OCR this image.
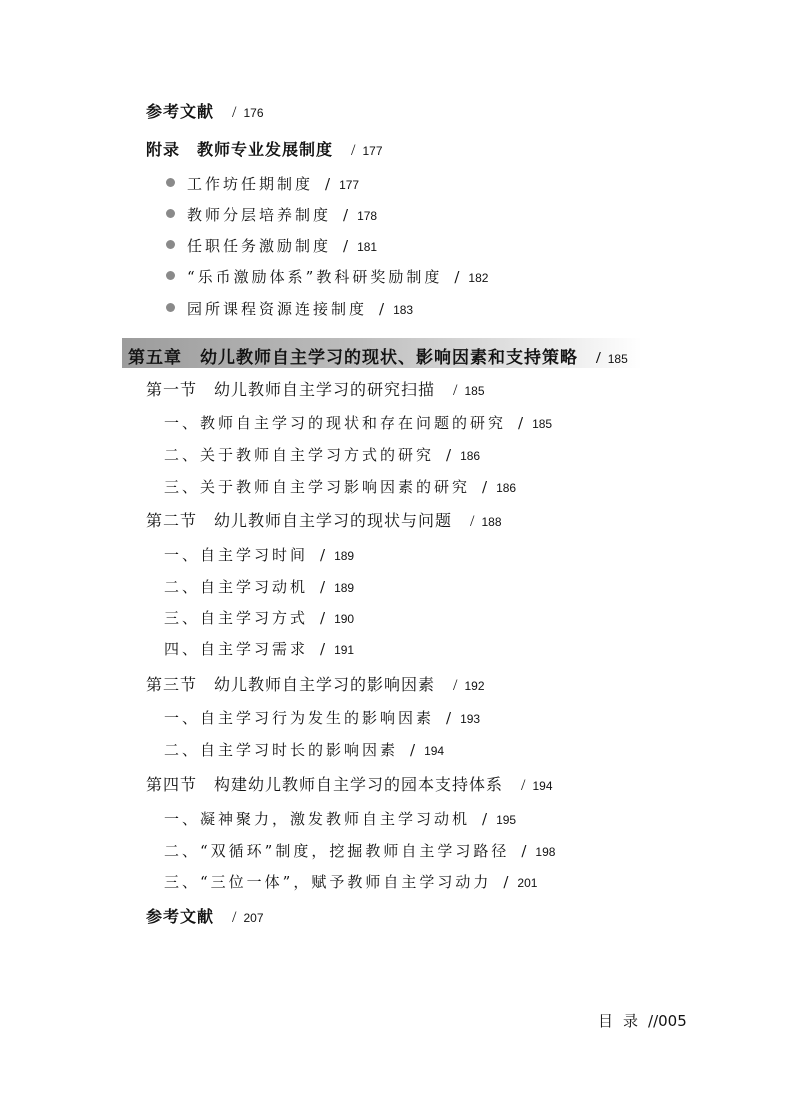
参考文献 / 176
附录　教师专业发展制度 / 177
工作坊任期制度 / 177
教师分层培养制度 / 178
任职任务激励制度 / 181
“乐币激励体系”教科研奖励制度 / 182
园所课程资源连接制度 / 183
第五章　幼儿教师自主学习的现状、影响因素和支持策略 / 185
第一节　幼儿教师自主学习的研究扫描 / 185
一、教师自主学习的现状和存在问题的研究 / 185
二、关于教师自主学习方式的研究 / 186
三、关于教师自主学习影响因素的研究 / 186
第二节　幼儿教师自主学习的现状与问题 / 188
一、自主学习时间 / 189
二、自主学习动机 / 189
三、自主学习方式 / 190
四、自主学习需求 / 191
第三节　幼儿教师自主学习的影响因素 / 192
一、自主学习行为发生的影响因素 / 193
二、自主学习时长的影响因素 / 194
第四节　构建幼儿教师自主学习的园本支持体系 / 194
一、凝神聚力，激发教师自主学习动机 / 195
二、“双循环”制度，挖掘教师自主学习路径 / 198
三、“三位一体”，赋予教师自主学习动力 / 201
参考文献 / 207
目录//005
